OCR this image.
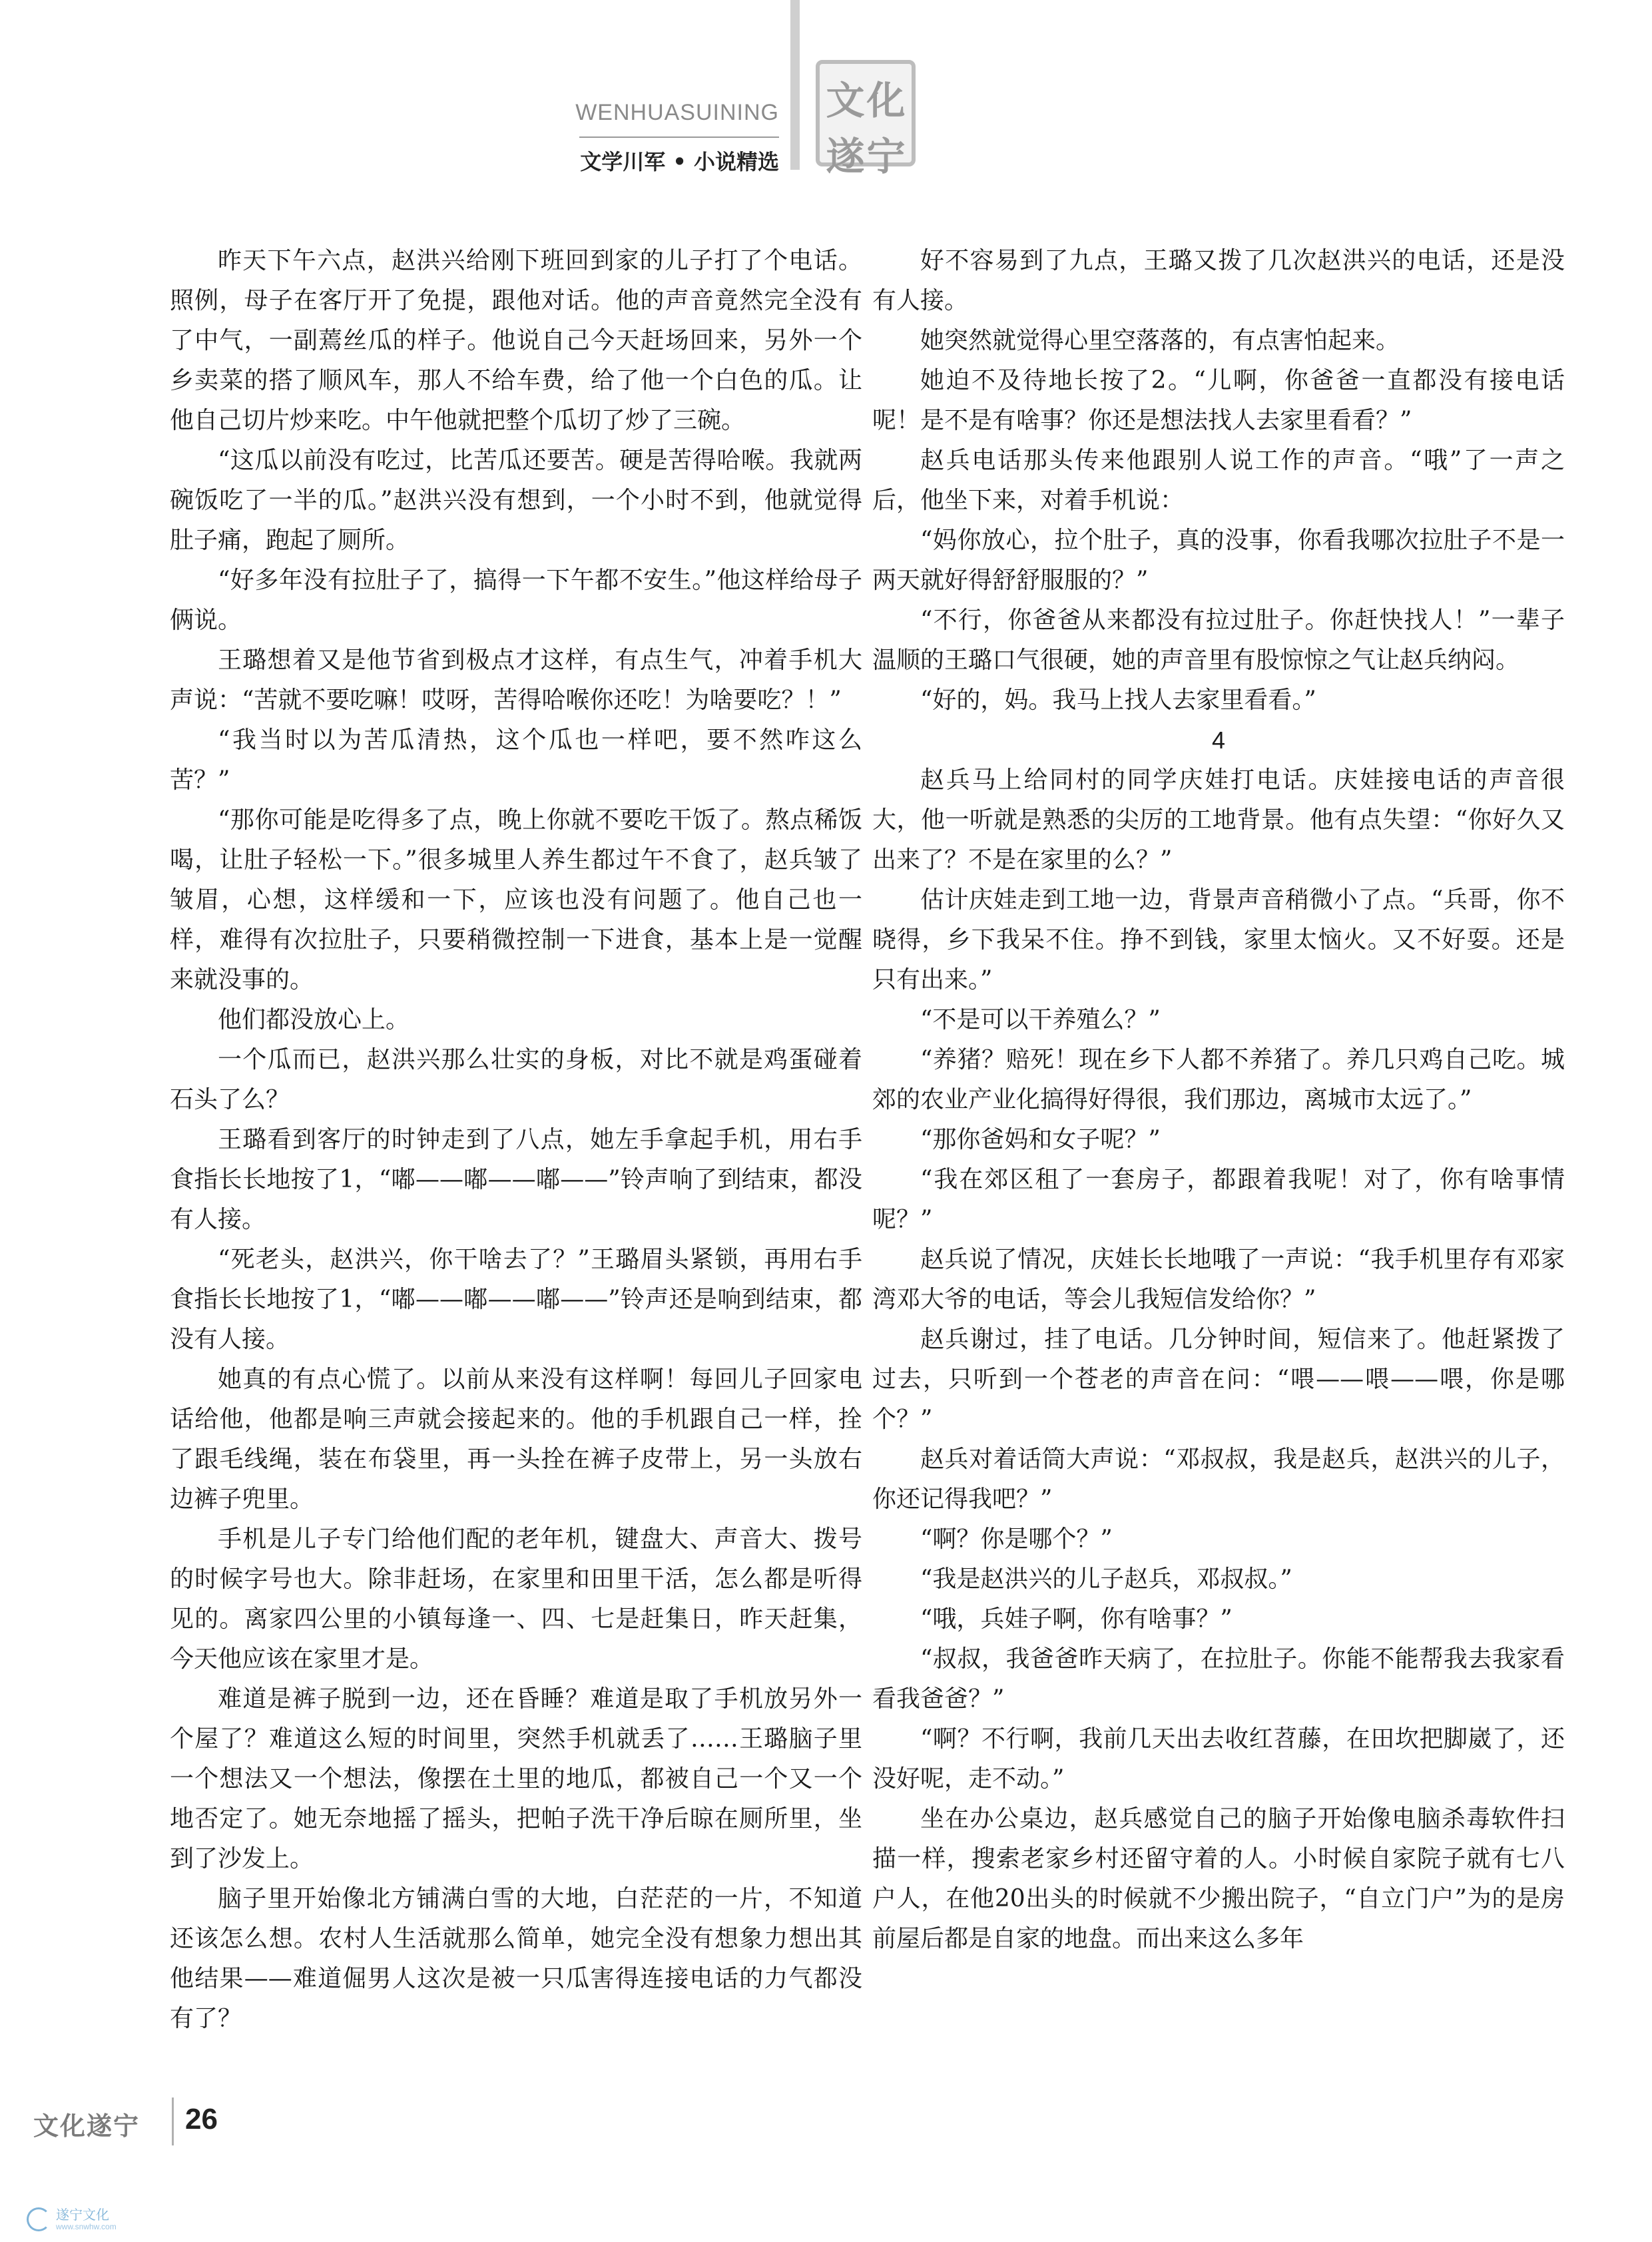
WENHUASUINING
文学川军 • 小说精选
文 化
遂 宁

昨天下午六点，赵洪兴给刚下班回到家的儿子打了个电话。照例，母子在客厅开了免提，跟他对话。他的声音竟然完全没有了中气，一副蔫丝瓜的样子。他说自己今天赶场回来，另外一个乡卖菜的搭了顺风车，那人不给车费，给了他一个白色的瓜。让他自己切片炒来吃。中午他就把整个瓜切了炒了三碗。

“这瓜以前没有吃过，比苦瓜还要苦。硬是苦得哈喉。我就两碗饭吃了一半的瓜。”赵洪兴没有想到，一个小时不到，他就觉得肚子痛，跑起了厕所。

“好多年没有拉肚子了，搞得一下午都不安生。”他这样给母子俩说。

王璐想着又是他节省到极点才这样，有点生气，冲着手机大声说：“苦就不要吃嘛！哎呀，苦得哈喉你还吃！为啥要吃？！”

“我当时以为苦瓜清热，这个瓜也一样吧，要不然咋这么苦？”

“那你可能是吃得多了点，晚上你就不要吃干饭了。熬点稀饭喝，让肚子轻松一下。”很多城里人养生都过午不食了，赵兵皱了皱眉，心想，这样缓和一下，应该也没有问题了。他自己也一样，难得有次拉肚子，只要稍微控制一下进食，基本上是一觉醒来就没事的。

他们都没放心上。

一个瓜而已，赵洪兴那么壮实的身板，对比不就是鸡蛋碰着石头了么？

王璐看到客厅的时钟走到了八点，她左手拿起手机，用右手食指长长地按了1，“嘟——嘟——嘟——”铃声响了到结束，都没有人接。

“死老头，赵洪兴，你干啥去了？”王璐眉头紧锁，再用右手食指长长地按了1，“嘟——嘟——嘟——”铃声还是响到结束，都没有人接。

她真的有点心慌了。以前从来没有这样啊！每回儿子回家电话给他，他都是响三声就会接起来的。他的手机跟自己一样，拴了跟毛线绳，装在布袋里，再一头拴在裤子皮带上，另一头放右边裤子兜里。

手机是儿子专门给他们配的老年机，键盘大、声音大、拨号的时候字号也大。除非赶场，在家里和田里干活，怎么都是听得见的。离家四公里的小镇每逢一、四、七是赶集日，昨天赶集，今天他应该在家里才是。

难道是裤子脱到一边，还在昏睡？难道是取了手机放另外一个屋了？难道这么短的时间里，突然手机就丢了……王璐脑子里一个想法又一个想法，像摆在土里的地瓜，都被自己一个又一个地否定了。她无奈地摇了摇头，把帕子洗干净后晾在厕所里，坐到了沙发上。

脑子里开始像北方铺满白雪的大地，白茫茫的一片，不知道还该怎么想。农村人生活就那么简单，她完全没有想象力想出其他结果——难道倔男人这次是被一只瓜害得连接电话的力气都没有了？

好不容易到了九点，王璐又拨了几次赵洪兴的电话，还是没有人接。

她突然就觉得心里空落落的，有点害怕起来。

她迫不及待地长按了2。“儿啊，你爸爸一直都没有接电话呢！是不是有啥事？你还是想法找人去家里看看？”

赵兵电话那头传来他跟别人说工作的声音。“哦”了一声之后，他坐下来，对着手机说：

“妈你放心，拉个肚子，真的没事，你看我哪次拉肚子不是一两天就好得舒舒服服的？”

“不行，你爸爸从来都没有拉过肚子。你赶快找人！”一辈子温顺的王璐口气很硬，她的声音里有股惊惊之气让赵兵纳闷。

“好的，妈。我马上找人去家里看看。”

4

赵兵马上给同村的同学庆娃打电话。庆娃接电话的声音很大，他一听就是熟悉的尖厉的工地背景。他有点失望：“你好久又出来了？不是在家里的么？”

估计庆娃走到工地一边，背景声音稍微小了点。“兵哥，你不晓得，乡下我呆不住。挣不到钱，家里太恼火。又不好耍。还是只有出来。”

“不是可以干养殖么？”

“养猪？赔死！现在乡下人都不养猪了。养几只鸡自己吃。城郊的农业产业化搞得好得很，我们那边，离城市太远了。”

“那你爸妈和女子呢？”

“我在郊区租了一套房子，都跟着我呢！对了，你有啥事情呢？”

赵兵说了情况，庆娃长长地哦了一声说：“我手机里存有邓家湾邓大爷的电话，等会儿我短信发给你？”

赵兵谢过，挂了电话。几分钟时间，短信来了。他赶紧拨了过去，只听到一个苍老的声音在问：“喂——喂——喂，你是哪个？”

赵兵对着话筒大声说：“邓叔叔，我是赵兵，赵洪兴的儿子，你还记得我吧？”

“啊？你是哪个？”

“我是赵洪兴的儿子赵兵，邓叔叔。”

“哦，兵娃子啊，你有啥事？”

“叔叔，我爸爸昨天病了，在拉肚子。你能不能帮我去我家看看我爸爸？”

“啊？不行啊，我前几天出去收红苕藤，在田坎把脚崴了，还没好呢，走不动。”

坐在办公桌边，赵兵感觉自己的脑子开始像电脑杀毒软件扫描一样，搜索老家乡村还留守着的人。小时候自家院子就有七八户人，在他20出头的时候就不少搬出院子，“自立门户”为的是房前屋后都是自家的地盘。而出来这么多年

文化遂宁 26
遂宁文化
www.snwhw.com
